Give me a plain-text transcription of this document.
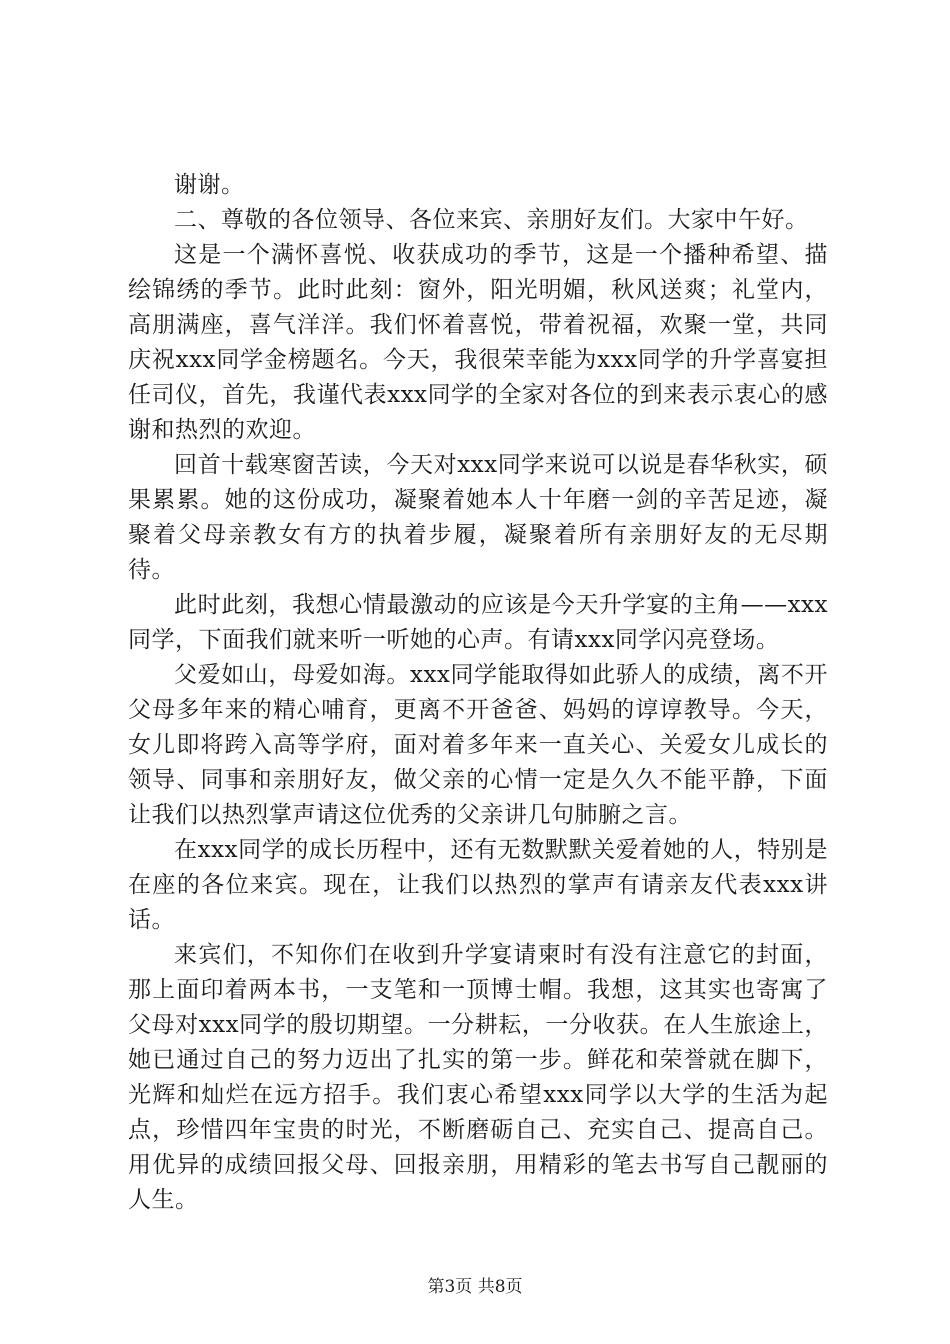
谢谢。

二、尊敬的各位领导、各位来宾、亲朋好友们。大家中午好。

这是一个满怀喜悦、收获成功的季节，这是一个播种希望、描绘锦绣的季节。此时此刻：窗外，阳光明媚，秋风送爽；礼堂内，高朋满座，喜气洋洋。我们怀着喜悦，带着祝福，欢聚一堂，共同庆祝xxx同学金榜题名。今天，我很荣幸能为xxx同学的升学喜宴担任司仪，首先，我谨代表xxx同学的全家对各位的到来表示衷心的感谢和热烈的欢迎。

回首十载寒窗苦读，今天对xxx同学来说可以说是春华秋实，硕果累累。她的这份成功，凝聚着她本人十年磨一剑的辛苦足迹，凝聚着父母亲教女有方的执着步履，凝聚着所有亲朋好友的无尽期待。

此时此刻，我想心情最激动的应该是今天升学宴的主角——xxx同学，下面我们就来听一听她的心声。有请xxx同学闪亮登场。

父爱如山，母爱如海。xxx同学能取得如此骄人的成绩，离不开父母多年来的精心哺育，更离不开爸爸、妈妈的谆谆教导。今天，女儿即将跨入高等学府，面对着多年来一直关心、关爱女儿成长的领导、同事和亲朋好友，做父亲的心情一定是久久不能平静，下面让我们以热烈掌声请这位优秀的父亲讲几句肺腑之言。

在xxx同学的成长历程中，还有无数默默关爱着她的人，特别是在座的各位来宾。现在，让我们以热烈的掌声有请亲友代表xxx讲话。

来宾们，不知你们在收到升学宴请柬时有没有注意它的封面，那上面印着两本书，一支笔和一顶博士帽。我想，这其实也寄寓了父母对xxx同学的殷切期望。一分耕耘，一分收获。在人生旅途上，她已通过自己的努力迈出了扎实的第一步。鲜花和荣誉就在脚下，光辉和灿烂在远方招手。我们衷心希望xxx同学以大学的生活为起点，珍惜四年宝贵的时光，不断磨砺自己、充实自己、提高自己。用优异的成绩回报父母、回报亲朋，用精彩的笔去书写自己靓丽的人生。

第3页 共8页
